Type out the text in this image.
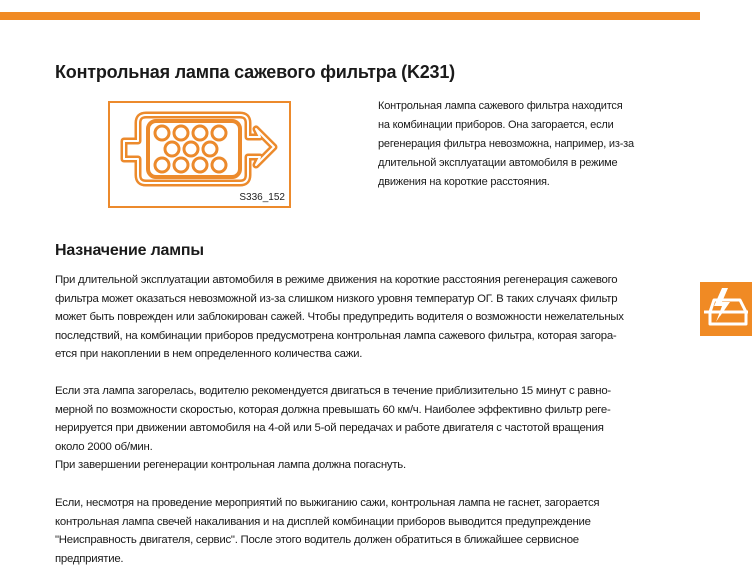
Контрольная лампа сажевого фильтра (K231)
S336_152
Контрольная лампа сажевого фильтра находится
на комбинации приборов. Она загорается, если
регенерация фильтра невозможна, например, из-за
длительной эксплуатации автомобиля в режиме
движения на короткие расстояния.
Назначение лампы
При длительной эксплуатации автомобиля в режиме движения на короткие расстояния регенерация сажевого
фильтра может оказаться невозможной из-за слишком низкого уровня температур ОГ. В таких случаях фильтр
может быть поврежден или заблокирован сажей. Чтобы предупредить водителя о возможности нежелательных
последствий, на комбинации приборов предусмотрена контрольная лампа сажевого фильтра, которая загора-
ется при накоплении в нем определенного количества сажи.
Если эта лампа загорелась, водителю рекомендуется двигаться в течение приблизительно 15 минут с равно-
мерной по возможности скоростью, которая должна превышать 60 км/ч. Наиболее эффективно фильтр реге-
нерируется при движении автомобиля на 4-ой или 5-ой передачах и работе двигателя с частотой вращения
около 2000 об/мин.
При завершении регенерации контрольная лампа должна погаснуть.
Если, несмотря на проведение мероприятий по выжиганию сажи, контрольная лампа не гаснет, загорается
контрольная лампа свечей накаливания и на дисплей комбинации приборов выводится предупреждение
"Неисправность двигателя, сервис". После этого водитель должен обратиться в ближайшее сервисное
предприятие.
